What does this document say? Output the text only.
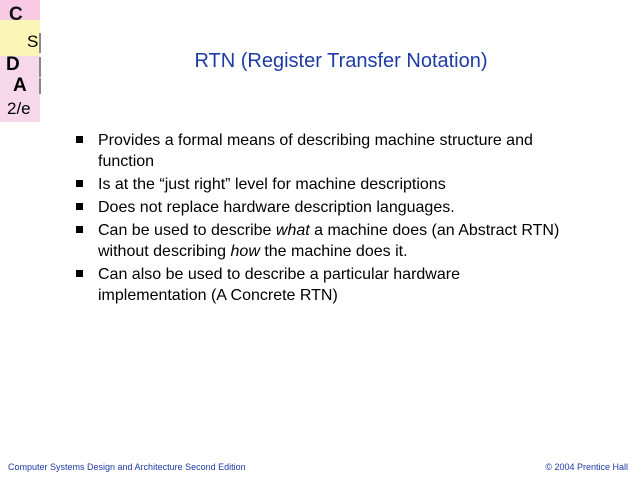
C
S
D
A
2/e
RTN (Register Transfer Notation)
Provides a formal means of describing machine structure and function
Is at the “just right” level for machine descriptions
Does not replace hardware description languages.
Can be used to describe what a machine does (an Abstract RTN) without describing how the machine does it.
Can also be used to describe a particular hardware implementation (A Concrete RTN)
Computer Systems Design and Architecture Second Edition	© 2004 Prentice Hall
